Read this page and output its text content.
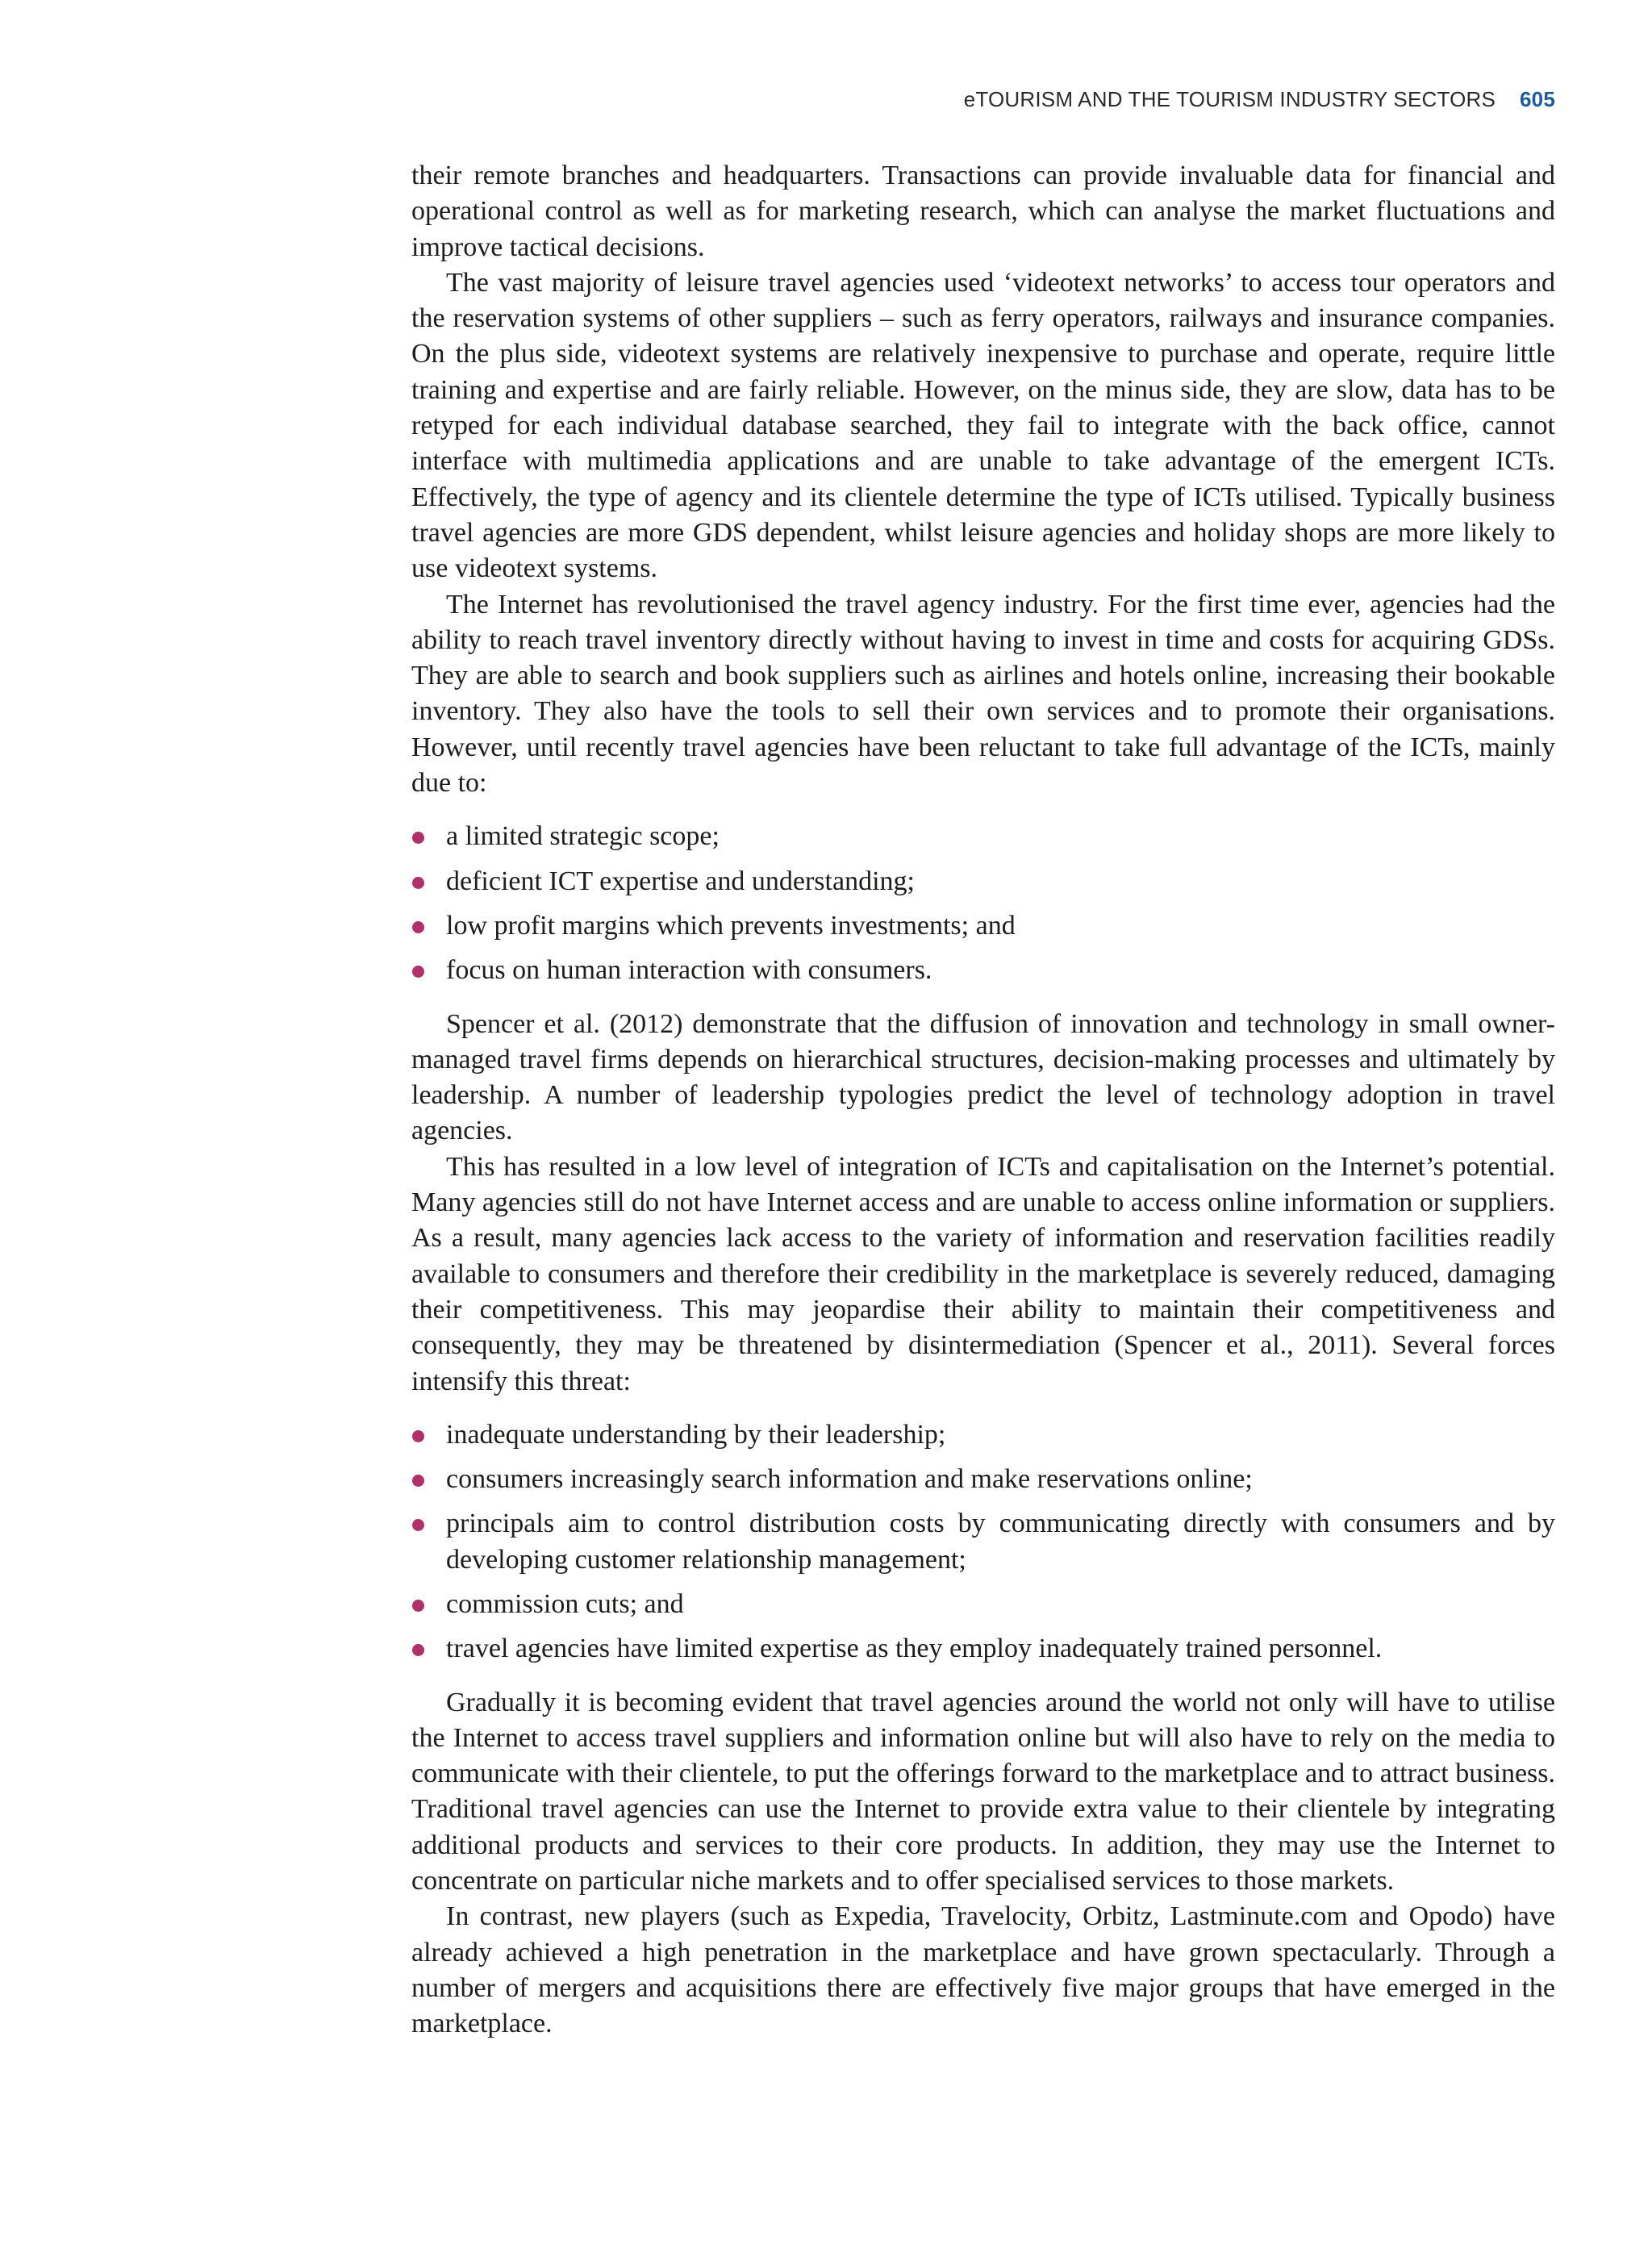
eTOURISM AND THE TOURISM INDUSTRY SECTORS 605

their remote branches and headquarters. Transactions can provide invaluable data for financial and operational control as well as for marketing research, which can analyse the market fluctuations and improve tactical decisions.

The vast majority of leisure travel agencies used ‘videotext networks’ to access tour operators and the reservation systems of other suppliers – such as ferry operators, railways and insurance companies. On the plus side, videotext systems are relatively inexpensive to purchase and operate, require little training and expertise and are fairly reliable. However, on the minus side, they are slow, data has to be retyped for each individual database searched, they fail to integrate with the back office, cannot interface with multimedia applications and are unable to take advantage of the emergent ICTs. Effectively, the type of agency and its clientele determine the type of ICTs utilised. Typically business travel agencies are more GDS dependent, whilst leisure agencies and holiday shops are more likely to use videotext systems.

The Internet has revolutionised the travel agency industry. For the first time ever, agencies had the ability to reach travel inventory directly without having to invest in time and costs for acquiring GDSs. They are able to search and book suppliers such as airlines and hotels online, increasing their bookable inventory. They also have the tools to sell their own services and to promote their organisations. However, until recently travel agencies have been reluctant to take full advantage of the ICTs, mainly due to:

a limited strategic scope;
deficient ICT expertise and understanding;
low profit margins which prevents investments; and
focus on human interaction with consumers.

Spencer et al. (2012) demonstrate that the diffusion of innovation and technology in small owner-managed travel firms depends on hierarchical structures, decision-making processes and ultimately by leadership. A number of leadership typologies predict the level of technology adoption in travel agencies.

This has resulted in a low level of integration of ICTs and capitalisation on the Internet’s potential. Many agencies still do not have Internet access and are unable to access online information or suppliers. As a result, many agencies lack access to the variety of information and reservation facilities readily available to consumers and therefore their credibility in the marketplace is severely reduced, damaging their competitiveness. This may jeopardise their ability to maintain their competitiveness and consequently, they may be threatened by disintermediation (Spencer et al., 2011). Several forces intensify this threat:

inadequate understanding by their leadership;
consumers increasingly search information and make reservations online;
principals aim to control distribution costs by communicating directly with consumers and by developing customer relationship management;
commission cuts; and
travel agencies have limited expertise as they employ inadequately trained personnel.

Gradually it is becoming evident that travel agencies around the world not only will have to utilise the Internet to access travel suppliers and information online but will also have to rely on the media to communicate with their clientele, to put the offerings forward to the marketplace and to attract business. Traditional travel agencies can use the Internet to provide extra value to their clientele by integrating additional products and services to their core products. In addition, they may use the Internet to concentrate on particular niche markets and to offer specialised services to those markets.

In contrast, new players (such as Expedia, Travelocity, Orbitz, Lastminute.com and Opodo) have already achieved a high penetration in the marketplace and have grown spectacularly. Through a number of mergers and acquisitions there are effectively five major groups that have emerged in the marketplace.
